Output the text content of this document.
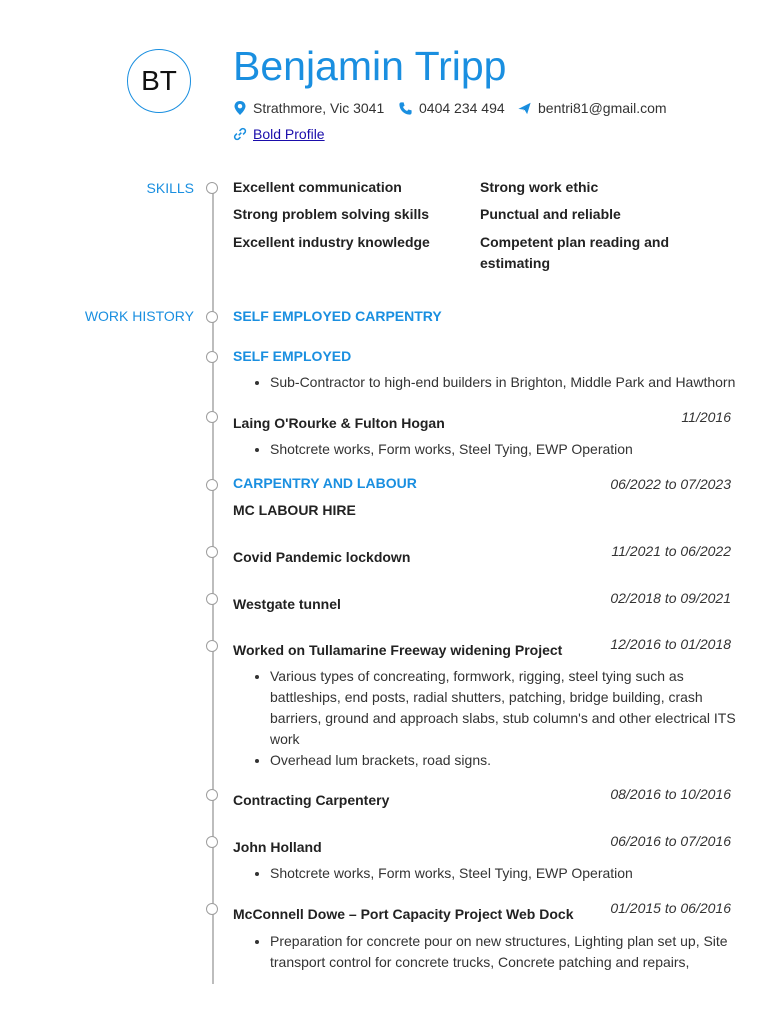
BT Benjamin Tripp
Strathmore, Vic 3041 0404 234 494 bentri81@gmail.com
Bold Profile
SKILLS	Excellent communication	Strong work ethic
Strong problem solving skills	Punctual and reliable
Excellent industry knowledge	Competent plan reading and estimating
WORK HISTORY	SELF EMPLOYED CARPENTRY
SELF EMPLOYED
• Sub-Contractor to high-end builders in Brighton, Middle Park and Hawthorn
Laing O'Rourke & Fulton Hogan	11/2016
• Shotcrete works, Form works, Steel Tying, EWP Operation
CARPENTRY AND LABOUR	06/2022 to 07/2023
MC LABOUR HIRE
Covid Pandemic lockdown	11/2021 to 06/2022
Westgate tunnel	02/2018 to 09/2021
Worked on Tullamarine Freeway widening Project	12/2016 to 01/2018
• Various types of concreating, formwork, rigging, steel tying such as battleships, end posts, radial shutters, patching, bridge building, crash barriers, ground and approach slabs, stub column's and other electrical ITS work
• Overhead lum brackets, road signs.
Contracting Carpentery	08/2016 to 10/2016
John Holland	06/2016 to 07/2016
• Shotcrete works, Form works, Steel Tying, EWP Operation
McConnell Dowe – Port Capacity Project Web Dock	01/2015 to 06/2016
• Preparation for concrete pour on new structures, Lighting plan set up, Site transport control for concrete trucks, Concrete patching and repairs,
